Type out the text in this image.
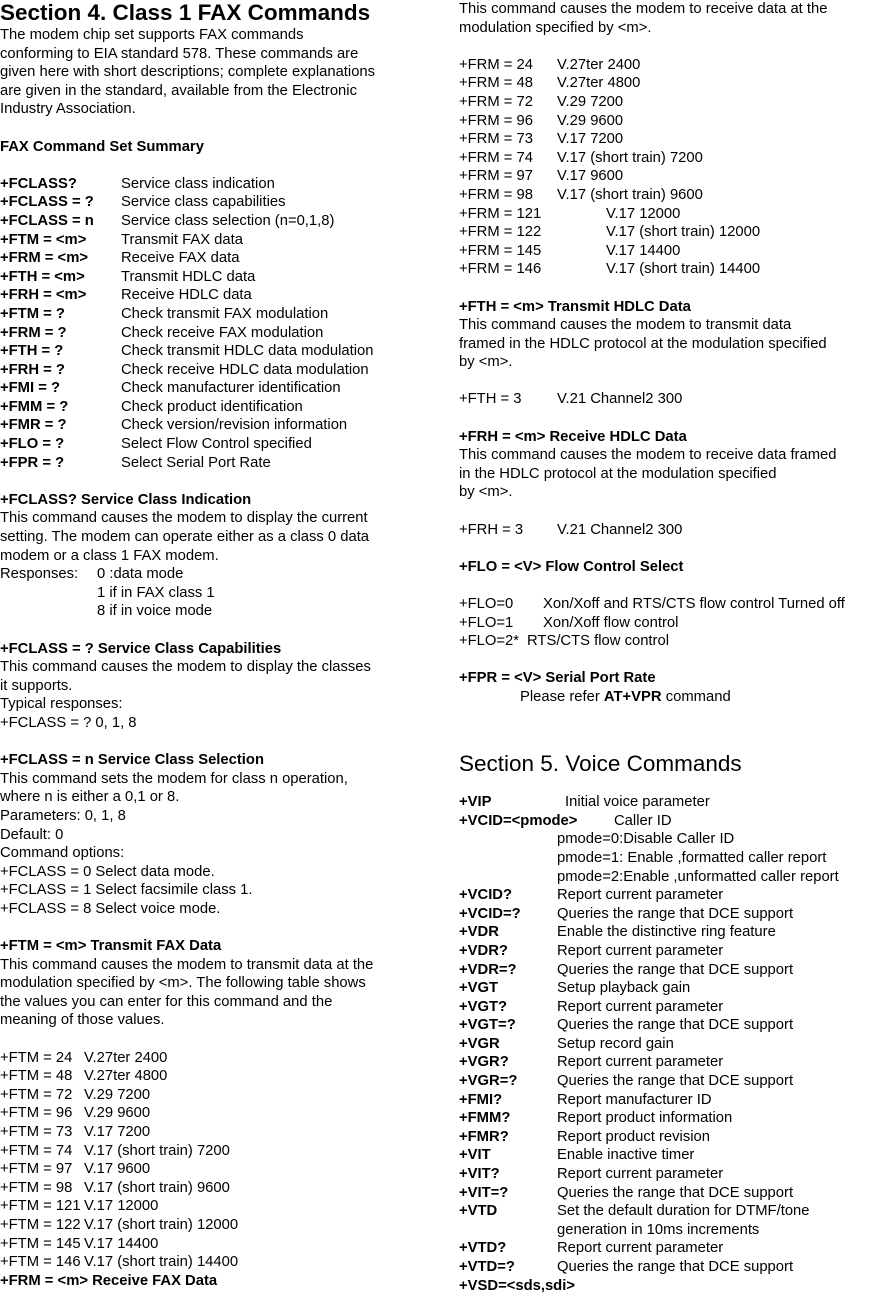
Section 4. Class 1 FAX Commands
The modem chip set supports FAX commands
conforming to EIA standard 578. These commands are
given here with short descriptions; complete explanations
are given in the standard, available from the Electronic
Industry Association.
FAX Command Set Summary
+FCLASS?	Service class indication
+FCLASS = ?	Service class capabilities
+FCLASS = n	Service class selection (n=0,1,8)
+FTM = <m>	Transmit FAX data
+FRM = <m>	Receive FAX data
+FTH = <m>	Transmit HDLC data
+FRH = <m>	Receive HDLC data
+FTM = ?	Check transmit FAX modulation
+FRM = ?	Check receive FAX modulation
+FTH = ?	Check transmit HDLC data modulation
+FRH = ?	Check receive HDLC data modulation
+FMI = ?	Check manufacturer identification
+FMM = ?	Check product identification
+FMR = ?	Check version/revision information
+FLO = ?	Select Flow Control specified
+FPR = ?	Select Serial Port Rate
+FCLASS? Service Class Indication
This command causes the modem to display the current
setting. The modem can operate either as a class 0 data
modem or a class 1 FAX modem.
Responses:	0 :data mode
1 if in FAX class 1
8 if in voice mode
+FCLASS = ? Service Class Capabilities
This command causes the modem to display the classes
it supports.
Typical responses:
+FCLASS = ? 0, 1, 8
+FCLASS = n Service Class Selection
This command sets the modem for class n operation,
where n is either a 0,1 or 8.
Parameters: 0, 1, 8
Default: 0
Command options:
+FCLASS = 0 Select data mode.
+FCLASS = 1 Select facsimile class 1.
+FCLASS = 8 Select voice mode.
+FTM = <m> Transmit FAX Data
This command causes the modem to transmit data at the
modulation specified by <m>. The following table shows
the values you can enter for this command and the
meaning of those values.
+FTM = 24 V.27ter 2400
+FTM = 48 V.27ter 4800
+FTM = 72 V.29 7200
+FTM = 96 V.29 9600
+FTM = 73 V.17 7200
+FTM = 74 V.17 (short train) 7200
+FTM = 97 V.17 9600
+FTM = 98 V.17 (short train) 9600
+FTM = 121 V.17 12000
+FTM = 122 V.17 (short train) 12000
+FTM = 145 V.17 14400
+FTM = 146 V.17 (short train) 14400
+FRM = <m> Receive FAX Data
This command causes the modem to receive data at the
modulation specified by <m>.
+FRM = 24	V.27ter 2400
+FRM = 48	V.27ter 4800
+FRM = 72	V.29 7200
+FRM = 96	V.29 9600
+FRM = 73	V.17 7200
+FRM = 74	V.17 (short train) 7200
+FRM = 97	V.17 9600
+FRM = 98	V.17 (short train) 9600
+FRM = 121	V.17 12000
+FRM = 122	V.17 (short train) 12000
+FRM = 145	V.17 14400
+FRM = 146	V.17 (short train) 14400
+FTH = <m> Transmit HDLC Data
This command causes the modem to transmit data
framed in the HDLC protocol at the modulation specified
by <m>.
+FTH = 3	V.21 Channel2 300
+FRH = <m> Receive HDLC Data
This command causes the modem to receive data framed
in the HDLC protocol at the modulation specified
by <m>.
+FRH = 3	V.21 Channel2 300
+FLO = <V> Flow Control Select
+FLO=0	Xon/Xoff and RTS/CTS flow control Turned off
+FLO=1	Xon/Xoff flow control
+FLO=2* RTS/CTS flow control
+FPR = <V> Serial Port Rate
Please refer AT+VPR command
Section 5. Voice Commands
+VIP	Initial voice parameter
+VCID=<pmode>	Caller ID
pmode=0:Disable Caller ID
pmode=1: Enable ,formatted caller report
pmode=2:Enable ,unformatted caller report
+VCID?	Report current parameter
+VCID=?	Queries the range that DCE support
+VDR	Enable the distinctive ring feature
+VDR?	Report current parameter
+VDR=?	Queries the range that DCE support
+VGT	Setup playback gain
+VGT?	Report current parameter
+VGT=?	Queries the range that DCE support
+VGR	Setup record gain
+VGR?	Report current parameter
+VGR=?	Queries the range that DCE support
+FMI?	Report manufacturer ID
+FMM?	Report product information
+FMR?	Report product revision
+VIT	Enable inactive timer
+VIT?	Report current parameter
+VIT=?	Queries the range that DCE support
+VTD	Set the default duration for DTMF/tone
generation in 10ms increments
+VTD?	Report current parameter
+VTD=?	Queries the range that DCE support
+VSD=<sds,sdi>
